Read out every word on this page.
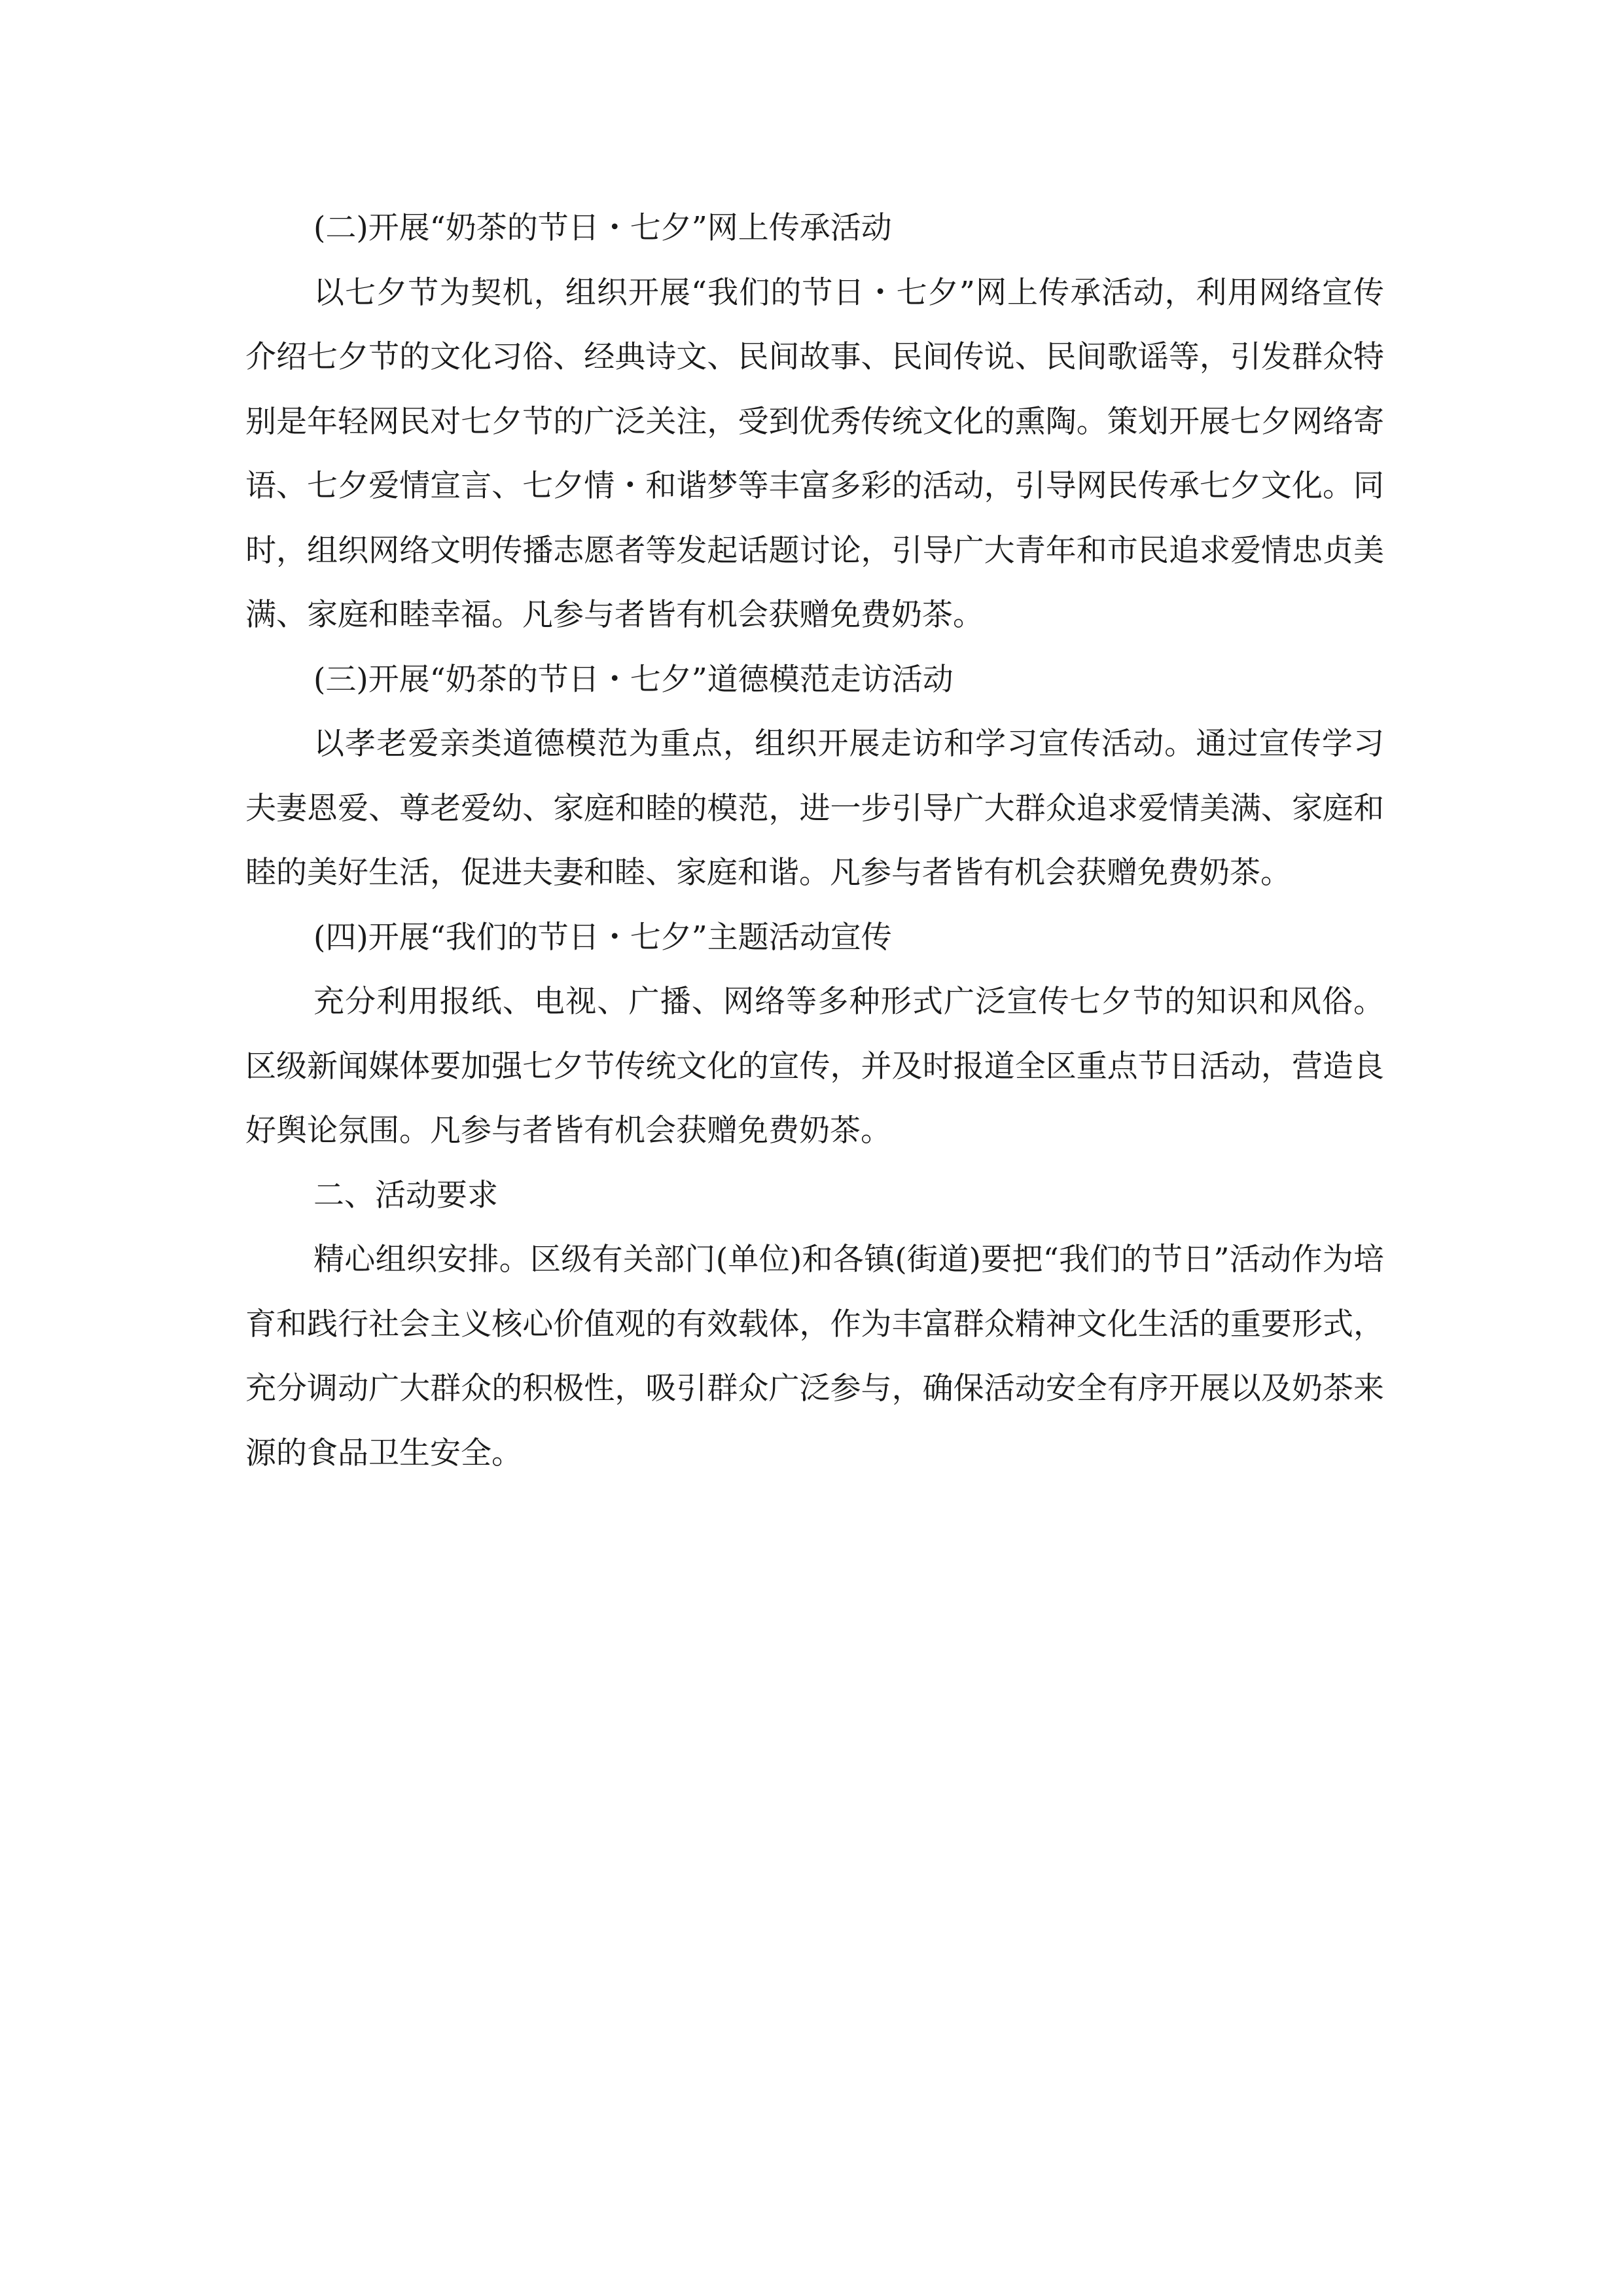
(二)开展“奶茶的节日・七夕”网上传承活动

以七夕节为契机，组织开展“我们的节日・七夕”网上传承活动，利用网络宣传介绍七夕节的文化习俗、经典诗文、民间故事、民间传说、民间歌谣等，引发群众特别是年轻网民对七夕节的广泛关注，受到优秀传统文化的熏陶。策划开展七夕网络寄语、七夕爱情宣言、七夕情・和谐梦等丰富多彩的活动，引导网民传承七夕文化。同时，组织网络文明传播志愿者等发起话题讨论，引导广大青年和市民追求爱情忠贞美满、家庭和睦幸福。凡参与者皆有机会获赠免费奶茶。

(三)开展“奶茶的节日・七夕”道德模范走访活动

以孝老爱亲类道德模范为重点，组织开展走访和学习宣传活动。通过宣传学习夫妻恩爱、尊老爱幼、家庭和睦的模范，进一步引导广大群众追求爱情美满、家庭和睦的美好生活，促进夫妻和睦、家庭和谐。凡参与者皆有机会获赠免费奶茶。

(四)开展“我们的节日・七夕”主题活动宣传

充分利用报纸、电视、广播、网络等多种形式广泛宣传七夕节的知识和风俗。区级新闻媒体要加强七夕节传统文化的宣传，并及时报道全区重点节日活动，营造良好舆论氛围。凡参与者皆有机会获赠免费奶茶。

二、活动要求

精心组织安排。区级有关部门(单位)和各镇(街道)要把“我们的节日”活动作为培育和践行社会主义核心价值观的有效载体，作为丰富群众精神文化生活的重要形式，充分调动广大群众的积极性，吸引群众广泛参与，确保活动安全有序开展以及奶茶来源的食品卫生安全。
